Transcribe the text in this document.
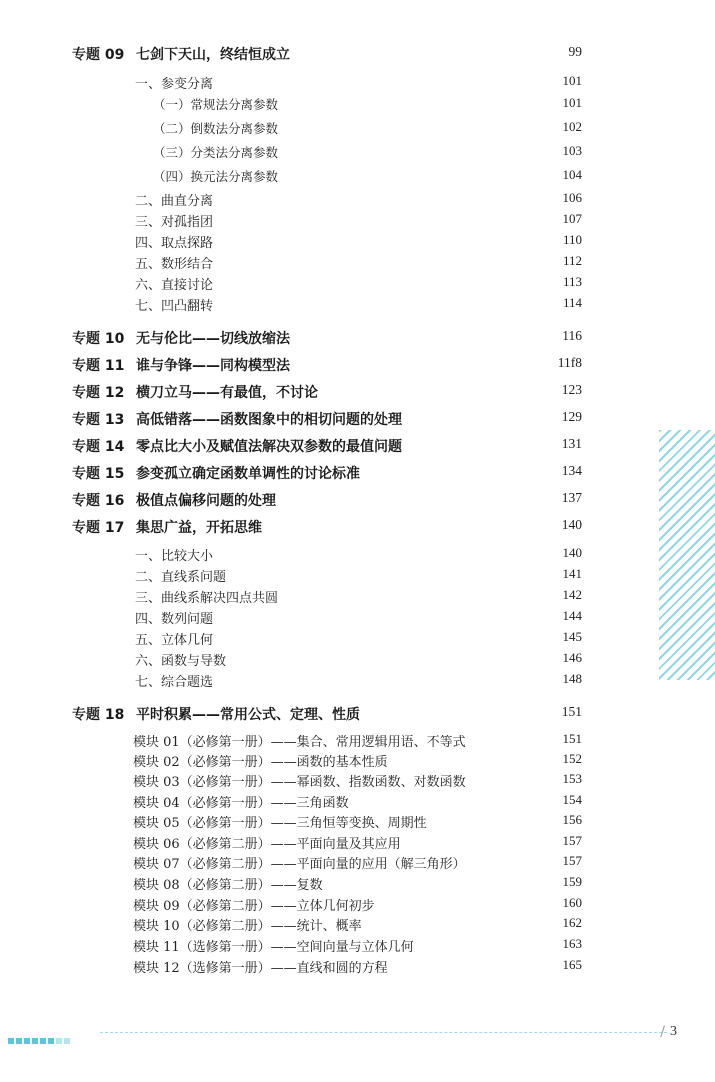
专题 09 七剑下天山，终结恒成立	99
一、参变分离	101
（一）常规法分离参数	101
（二）倒数法分离参数	102
（三）分类法分离参数	103
（四）换元法分离参数	104
二、曲直分离	106
三、对孤指团	107
四、取点探路	110
五、数形结合	112
六、直接讨论	113
七、凹凸翻转	114
专题 10 无与伦比——切线放缩法	116
专题 11 谁与争锋——同构模型法	11f8
专题 12 横刀立马——有最值，不讨论	123
专题 13 高低错落——函数图象中的相切问题的处理	129
专题 14 零点比大小及赋值法解决双参数的最值问题	131
专题 15 参变孤立确定函数单调性的讨论标准	134
专题 16 极值点偏移问题的处理	137
专题 17 集思广益，开拓思维	140
一、比较大小	140
二、直线系问题	141
三、曲线系解决四点共圆	142
四、数列问题	144
五、立体几何	145
六、函数与导数	146
七、综合题选	148
专题 18 平时积累——常用公式、定理、性质	151
模块 01（必修第一册）——集合、常用逻辑用语、不等式	151
模块 02（必修第一册）——函数的基本性质	152
模块 03（必修第一册）——幂函数、指数函数、对数函数	153
模块 04（必修第一册）——三角函数	154
模块 05（必修第一册）——三角恒等变换、周期性	156
模块 06（必修第二册）——平面向量及其应用	157
模块 07（必修第二册）——平面向量的应用（解三角形）	157
模块 08（必修第二册）——复数	159
模块 09（必修第二册）——立体几何初步	160
模块 10（必修第二册）——统计、概率	162
模块 11（选修第一册）——空间向量与立体几何	163
模块 12（选修第一册）——直线和圆的方程	165
/ 3
